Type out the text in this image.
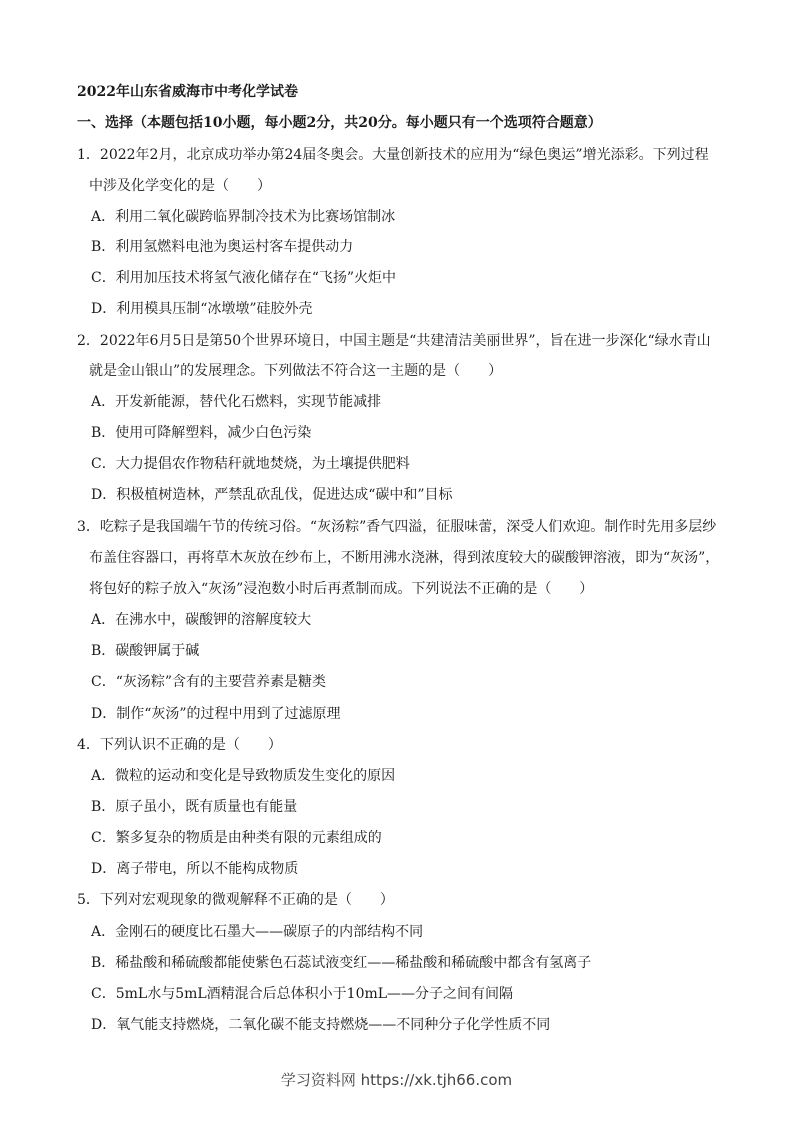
2022年山东省威海市中考化学试卷
一、选择（本题包括10小题，每小题2分，共20分。每小题只有一个选项符合题意）
1．2022年2月，北京成功举办第24届冬奥会。大量创新技术的应用为“绿色奥运”增光添彩。下列过程
中涉及化学变化的是（　　）
A．利用二氧化碳跨临界制冷技术为比赛场馆制冰
B．利用氢燃料电池为奥运村客车提供动力
C．利用加压技术将氢气液化储存在“飞扬”火炬中
D．利用模具压制“冰墩墩”硅胶外壳
2．2022年6月5日是第50个世界环境日，中国主题是“共建清洁美丽世界”，旨在进一步深化“绿水青山
就是金山银山”的发展理念。下列做法不符合这一主题的是（　　）
A．开发新能源，替代化石燃料，实现节能减排
B．使用可降解塑料，减少白色污染
C．大力提倡农作物秸秆就地焚烧，为土壤提供肥料
D．积极植树造林，严禁乱砍乱伐，促进达成“碳中和”目标
3．吃粽子是我国端午节的传统习俗。“灰汤粽”香气四溢，征服味蕾，深受人们欢迎。制作时先用多层纱
布盖住容器口，再将草木灰放在纱布上，不断用沸水浇淋，得到浓度较大的碳酸钾溶液，即为“灰汤”，
将包好的粽子放入“灰汤”浸泡数小时后再煮制而成。下列说法不正确的是（　　）
A．在沸水中，碳酸钾的溶解度较大
B．碳酸钾属于碱
C．“灰汤粽”含有的主要营养素是糖类
D．制作“灰汤”的过程中用到了过滤原理
4．下列认识不正确的是（　　）
A．微粒的运动和变化是导致物质发生变化的原因
B．原子虽小，既有质量也有能量
C．繁多复杂的物质是由种类有限的元素组成的
D．离子带电，所以不能构成物质
5．下列对宏观现象的微观解释不正确的是（　　）
A．金刚石的硬度比石墨大——碳原子的内部结构不同
B．稀盐酸和稀硫酸都能使紫色石蕊试液变红——稀盐酸和稀硫酸中都含有氢离子
C．5mL水与5mL酒精混合后总体积小于10mL——分子之间有间隔
D．氧气能支持燃烧，二氧化碳不能支持燃烧——不同种分子化学性质不同
学习资料网 https://xk.tjh66.com
